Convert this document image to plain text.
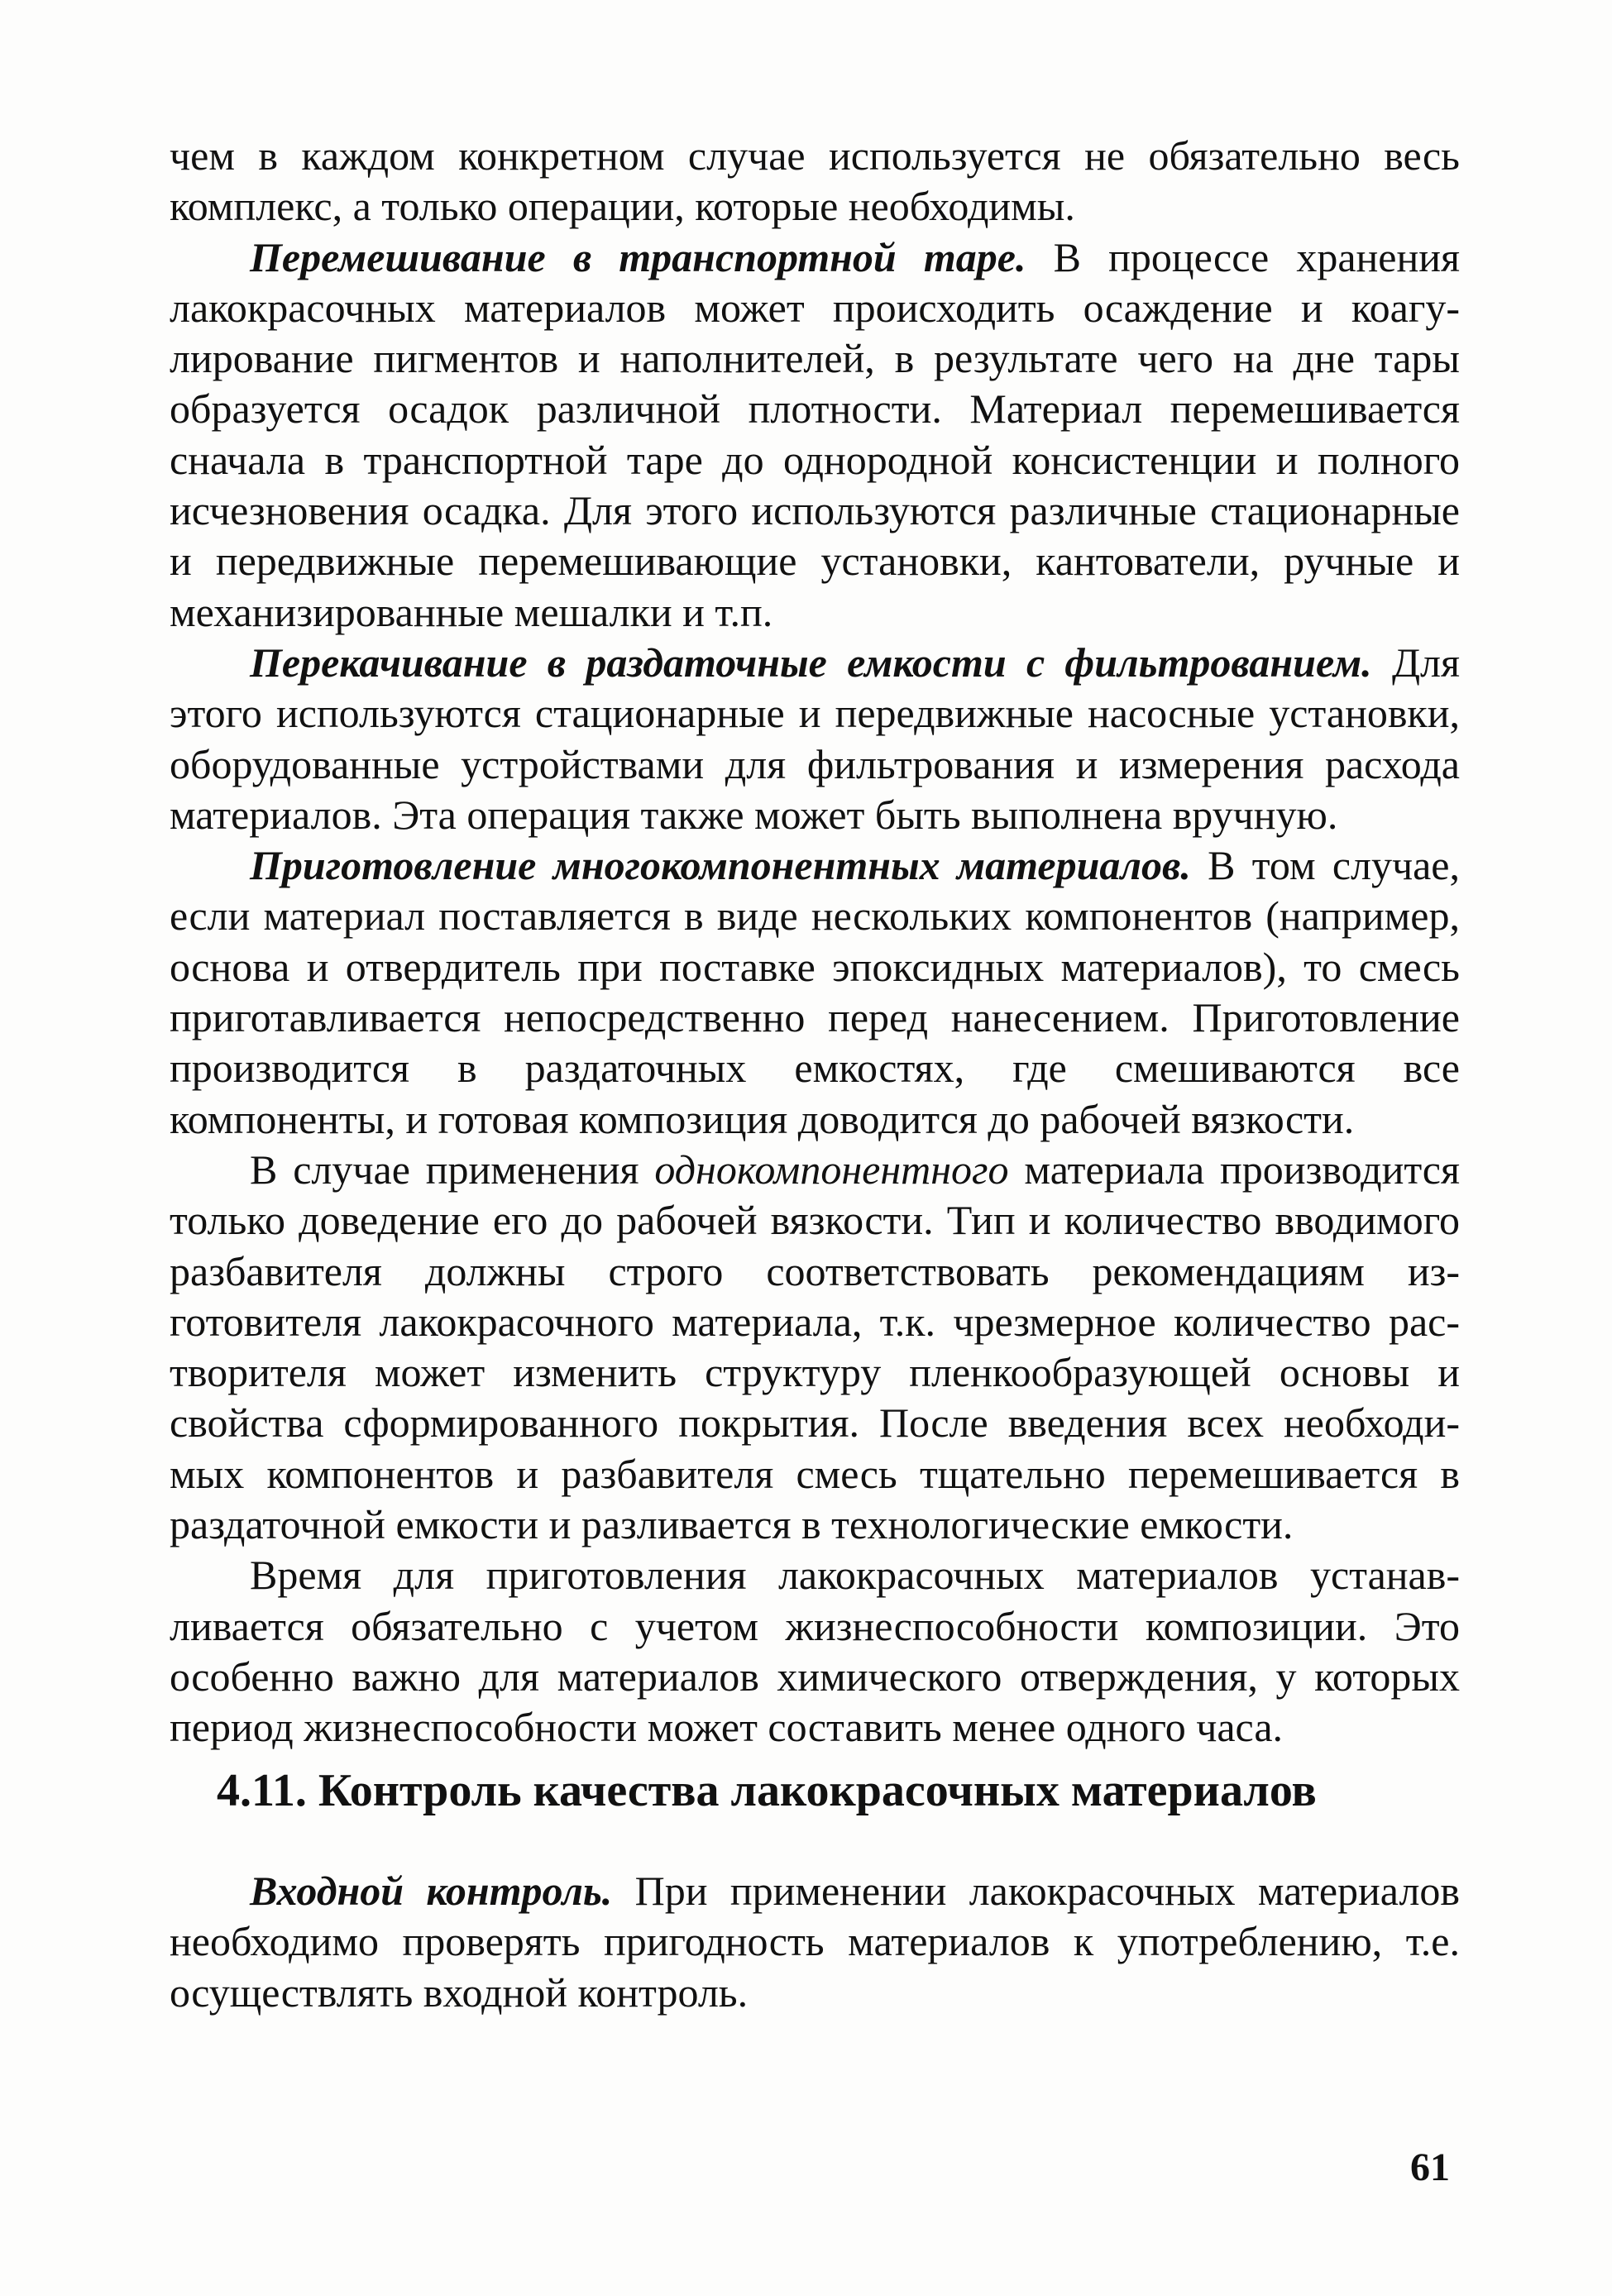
чем в каждом конкретном случае используется не обязательно весь комплекс, а только операции, которые необходимы.

Перемешивание в транспортной таре. В процессе хранения лакокрасочных материалов может происходить осаждение и коагулирование пигментов и наполнителей, в результате чего на дне тары образуется осадок различной плотности. Материал перемешивается сначала в транспортной таре до однородной консистенции и полного исчезновения осадка. Для этого используются различные стационарные и передвижные перемешивающие установки, кантователи, ручные и механизированные мешалки и т.п.

Перекачивание в раздаточные емкости с фильтрованием. Для этого используются стационарные и передвижные насосные установки, оборудованные устройствами для фильтрования и измерения расхода материалов. Эта операция также может быть выполнена вручную.

Приготовление многокомпонентных материалов. В том случае, если материал поставляется в виде нескольких компонентов (например, основа и отвердитель при поставке эпоксидных материалов), то смесь приготавливается непосредственно перед нанесением. Приготовление производится в раздаточных емкостях, где смешиваются все компоненты, и готовая композиция доводится до рабочей вязкости.

В случае применения однокомпонентного материала производится только доведение его до рабочей вязкости. Тип и количество вводимого разбавителя должны строго соответствовать рекомендациям изготовителя лакокрасочного материала, т.к. чрезмерное количество растворителя может изменить структуру пленкообразующей основы и свойства сформированного покрытия. После введения всех необходимых компонентов и разбавителя смесь тщательно перемешивается в раздаточной емкости и разливается в технологические емкости.

Время для приготовления лакокрасочных материалов устанавливается обязательно с учетом жизнеспособности композиции. Это особенно важно для материалов химического отверждения, у которых период жизнеспособности может составить менее одного часа.

4.11. Контроль качества лакокрасочных материалов

Входной контроль. При применении лакокрасочных материалов необходимо проверять пригодность материалов к употреблению, т.е. осуществлять входной контроль.

61
